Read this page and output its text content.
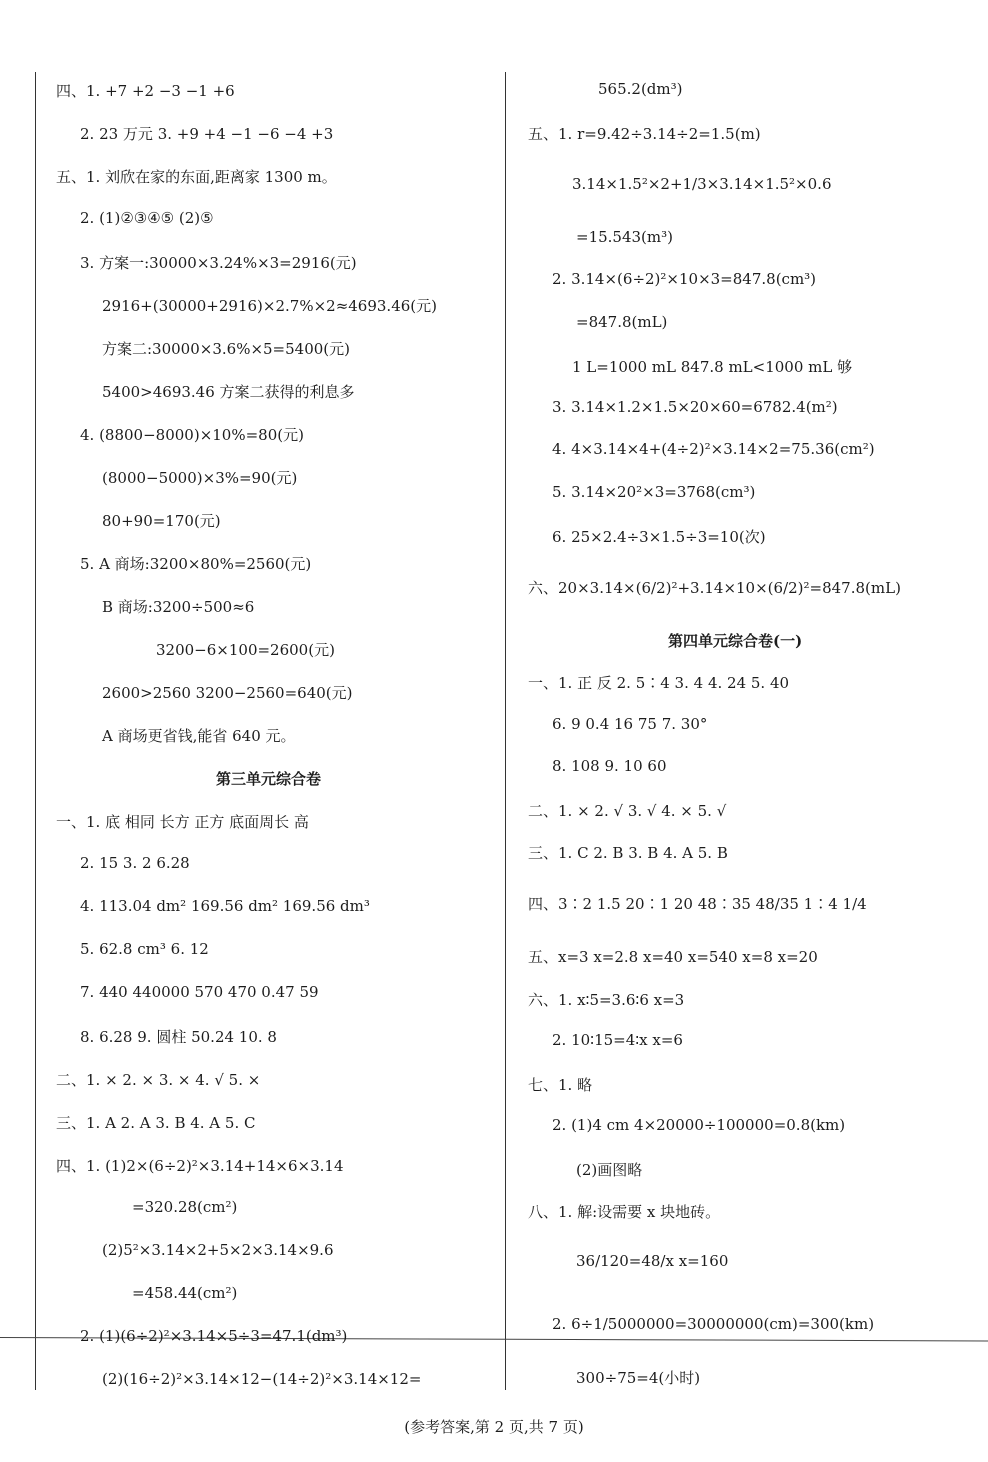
四、1. +7 +2 −3 −1 +6
2. 23 万元 3. +9 +4 −1 −6 −4 +3
五、1. 刘欣在家的东面,距离家 1300 m。
2. (1)②③④⑤ (2)⑤
3. 方案一:30000×3.24%×3=2916(元)
2916+(30000+2916)×2.7%×2≈4693.46(元)
方案二:30000×3.6%×5=5400(元)
5400>4693.46 方案二获得的利息多
4. (8800−8000)×10%=80(元)
(8000−5000)×3%=90(元)
80+90=170(元)
5. A 商场:3200×80%=2560(元)
B 商场:3200÷500≈6
3200−6×100=2600(元)
2600>2560 3200−2560=640(元)
A 商场更省钱,能省 640 元。
第三单元综合卷
一、1. 底 相同 长方 正方 底面周长 高
2. 15 3. 2 6.28
4. 113.04 dm² 169.56 dm² 169.56 dm³
5. 62.8 cm³ 6. 12
7. 440 440000 570 470 0.47 59
8. 6.28 9. 圆柱 50.24 10. 8
二、1. × 2. × 3. × 4. √ 5. ×
三、1. A 2. A 3. B 4. A 5. C
四、1. (1)2×(6÷2)²×3.14+14×6×3.14
=320.28(cm²)
(2)5²×3.14×2+5×2×3.14×9.6
=458.44(cm²)
2. (1)(6÷2)²×3.14×5÷3=47.1(dm³)
(2)(16÷2)²×3.14×12−(14÷2)²×3.14×12=
565.2(dm³)
五、1. r=9.42÷3.14÷2=1.5(m)
3.14×1.5²×2+1/3×3.14×1.5²×0.6
=15.543(m³)
2. 3.14×(6÷2)²×10×3=847.8(cm³)
=847.8(mL)
1 L=1000 mL 847.8 mL<1000 mL 够
3. 3.14×1.2×1.5×20×60=6782.4(m²)
4. 4×3.14×4+(4÷2)²×3.14×2=75.36(cm²)
5. 3.14×20²×3=3768(cm³)
6. 25×2.4÷3×1.5÷3=10(次)
六、20×3.14×(6/2)²+3.14×10×(6/2)²=847.8(mL)
第四单元综合卷(一)
一、1. 正 反 2. 5∶4 3. 4 4. 24 5. 40
6. 9 0.4 16 75 7. 30°
8. 108 9. 10 60
二、1. × 2. √ 3. √ 4. × 5. √
三、1. C 2. B 3. B 4. A 5. B
四、3∶2 1.5 20∶1 20 48∶35 48/35 1∶4 1/4
五、x=3 x=2.8 x=40 x=540 x=8 x=20
六、1. x∶5=3.6∶6 x=3
2. 10∶15=4∶x x=6
七、1. 略
2. (1)4 cm 4×20000÷100000=0.8(km)
(2)画图略
八、1. 解:设需要 x 块地砖。
36/120=48/x x=160
2. 6÷1/5000000=30000000(cm)=300(km)
300÷75=4(小时)
(参考答案,第 2 页,共 7 页)
